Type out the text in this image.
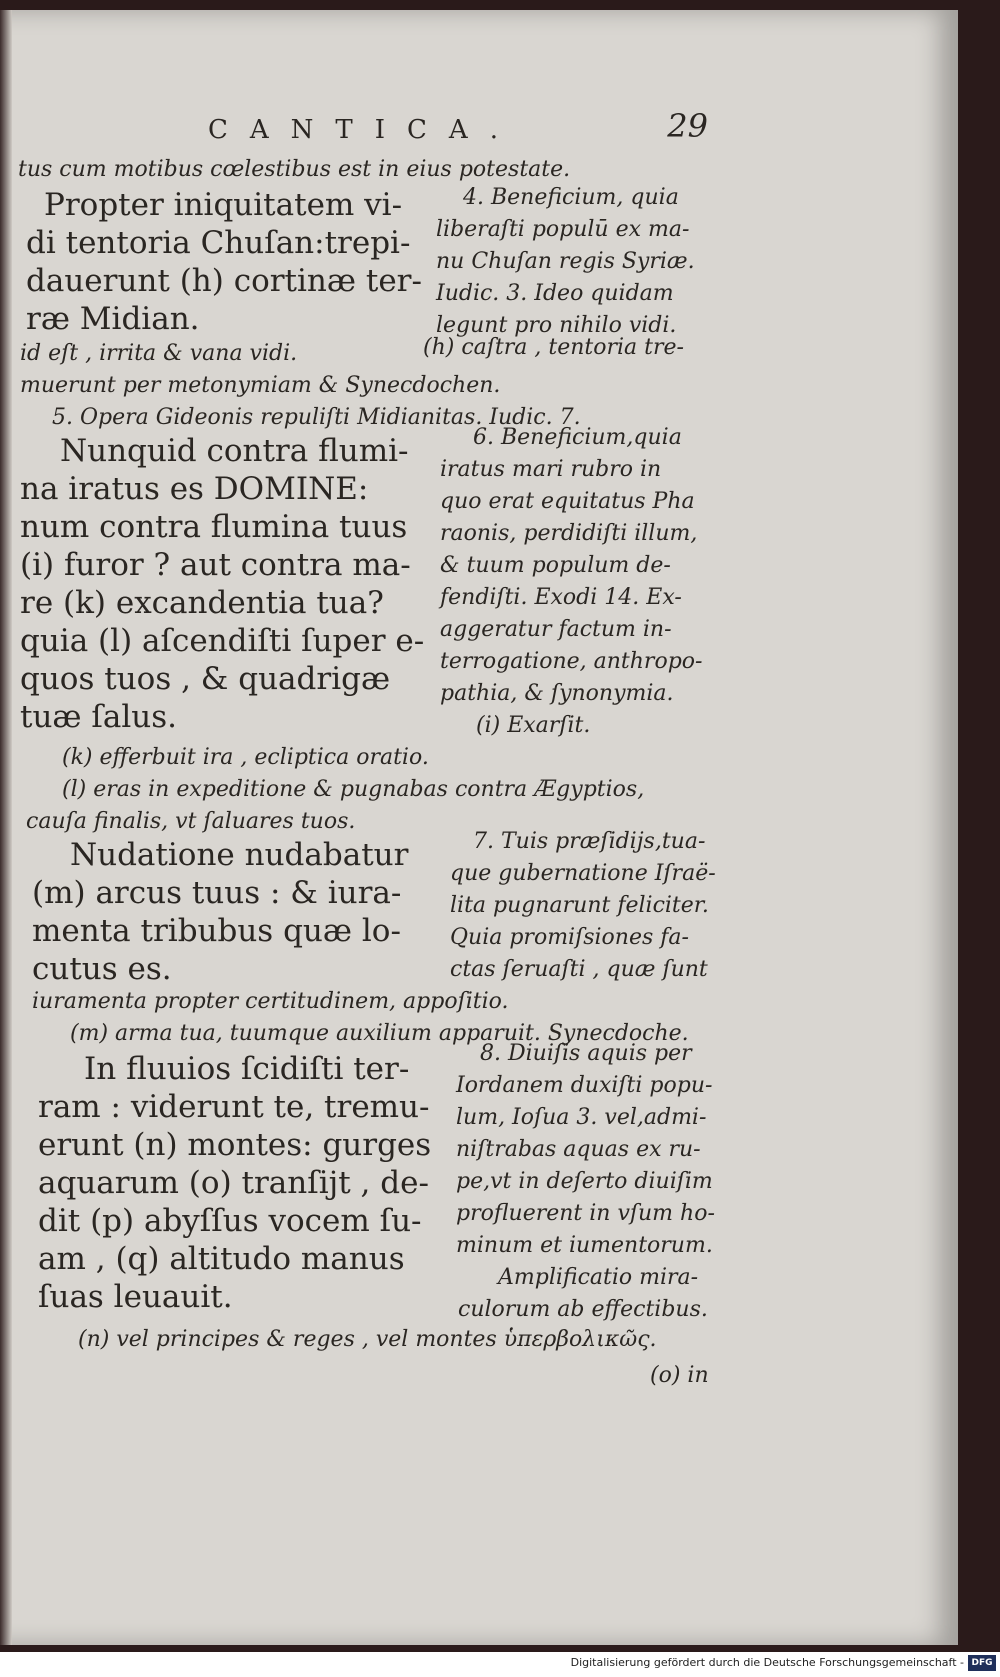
CANTICA.	29
tus cum motibus cœlestibus est in eius potestate.
Propter iniquitatem vi-
di tentoria Chuſan:trepi-
dauerunt (h) cortinæ ter-
ræ Midian.
4. Beneficium, quia
liberaſti populū ex ma-
nu Chuſan regis Syriæ.
Iudic. 3. Ideo quidam
legunt pro nihilo vidi.
id eſt , irrita & vana vidi.	(h) caſtra , tentoria tre-
muerunt per metonymiam & Synecdochen.
5. Opera Gideonis repuliſti Midianitas. Iudic. 7.
Nunquid contra flumi-
na iratus es DOMINE:
num contra flumina tuus
(i) furor ? aut contra ma-
re (k) excandentia tua?
quia (l) aſcendiſti ſuper e-
quos tuos , & quadrigæ
tuæ ſalus.
6. Beneficium,quia
iratus mari rubro in
quo erat equitatus Pha
raonis, perdidiſti illum,
& tuum populum de-
fendiſti. Exodi 14. Ex-
aggeratur factum in-
terrogatione, anthropo-
pathia, & ſynonymia.
(i) Exarſit.
(k) efferbuit ira , ecliptica oratio.
(l) eras in expeditione & pugnabas contra Ægyptios,
cauſa finalis, vt ſaluares tuos.
Nudatione nudabatur
(m) arcus tuus : & iura-
menta tribubus quæ lo-
cutus es.
7. Tuis præſidijs,tua-
que gubernatione Iſraë-
lita pugnarunt feliciter.
Quia promiſsiones fa-
ctas ſeruaſti , quæ ſunt
iuramenta propter certitudinem, appoſitio.
(m) arma tua, tuumque auxilium apparuit. Synecdoche.
In fluuios ſcidiſti ter-
ram : viderunt te, tremu-
erunt (n) montes: gurges
aquarum (o) tranſijt , de-
dit (p) abyſſus vocem ſu-
am , (q) altitudo manus
ſuas leuauit.
8. Diuiſis aquis per
Iordanem duxiſti popu-
lum, Ioſua 3. vel,admi-
niſtrabas aquas ex ru-
pe,vt in deſerto diuiſim
profluerent in vſum ho-
minum et iumentorum.
Amplificatio mira-
culorum ab effectibus.
(n) vel principes & reges , vel montes ὑπερβολικῶς.
(o) in
Digitalisierung gefördert durch die Deutsche Forschungsgemeinschaft - DFG
